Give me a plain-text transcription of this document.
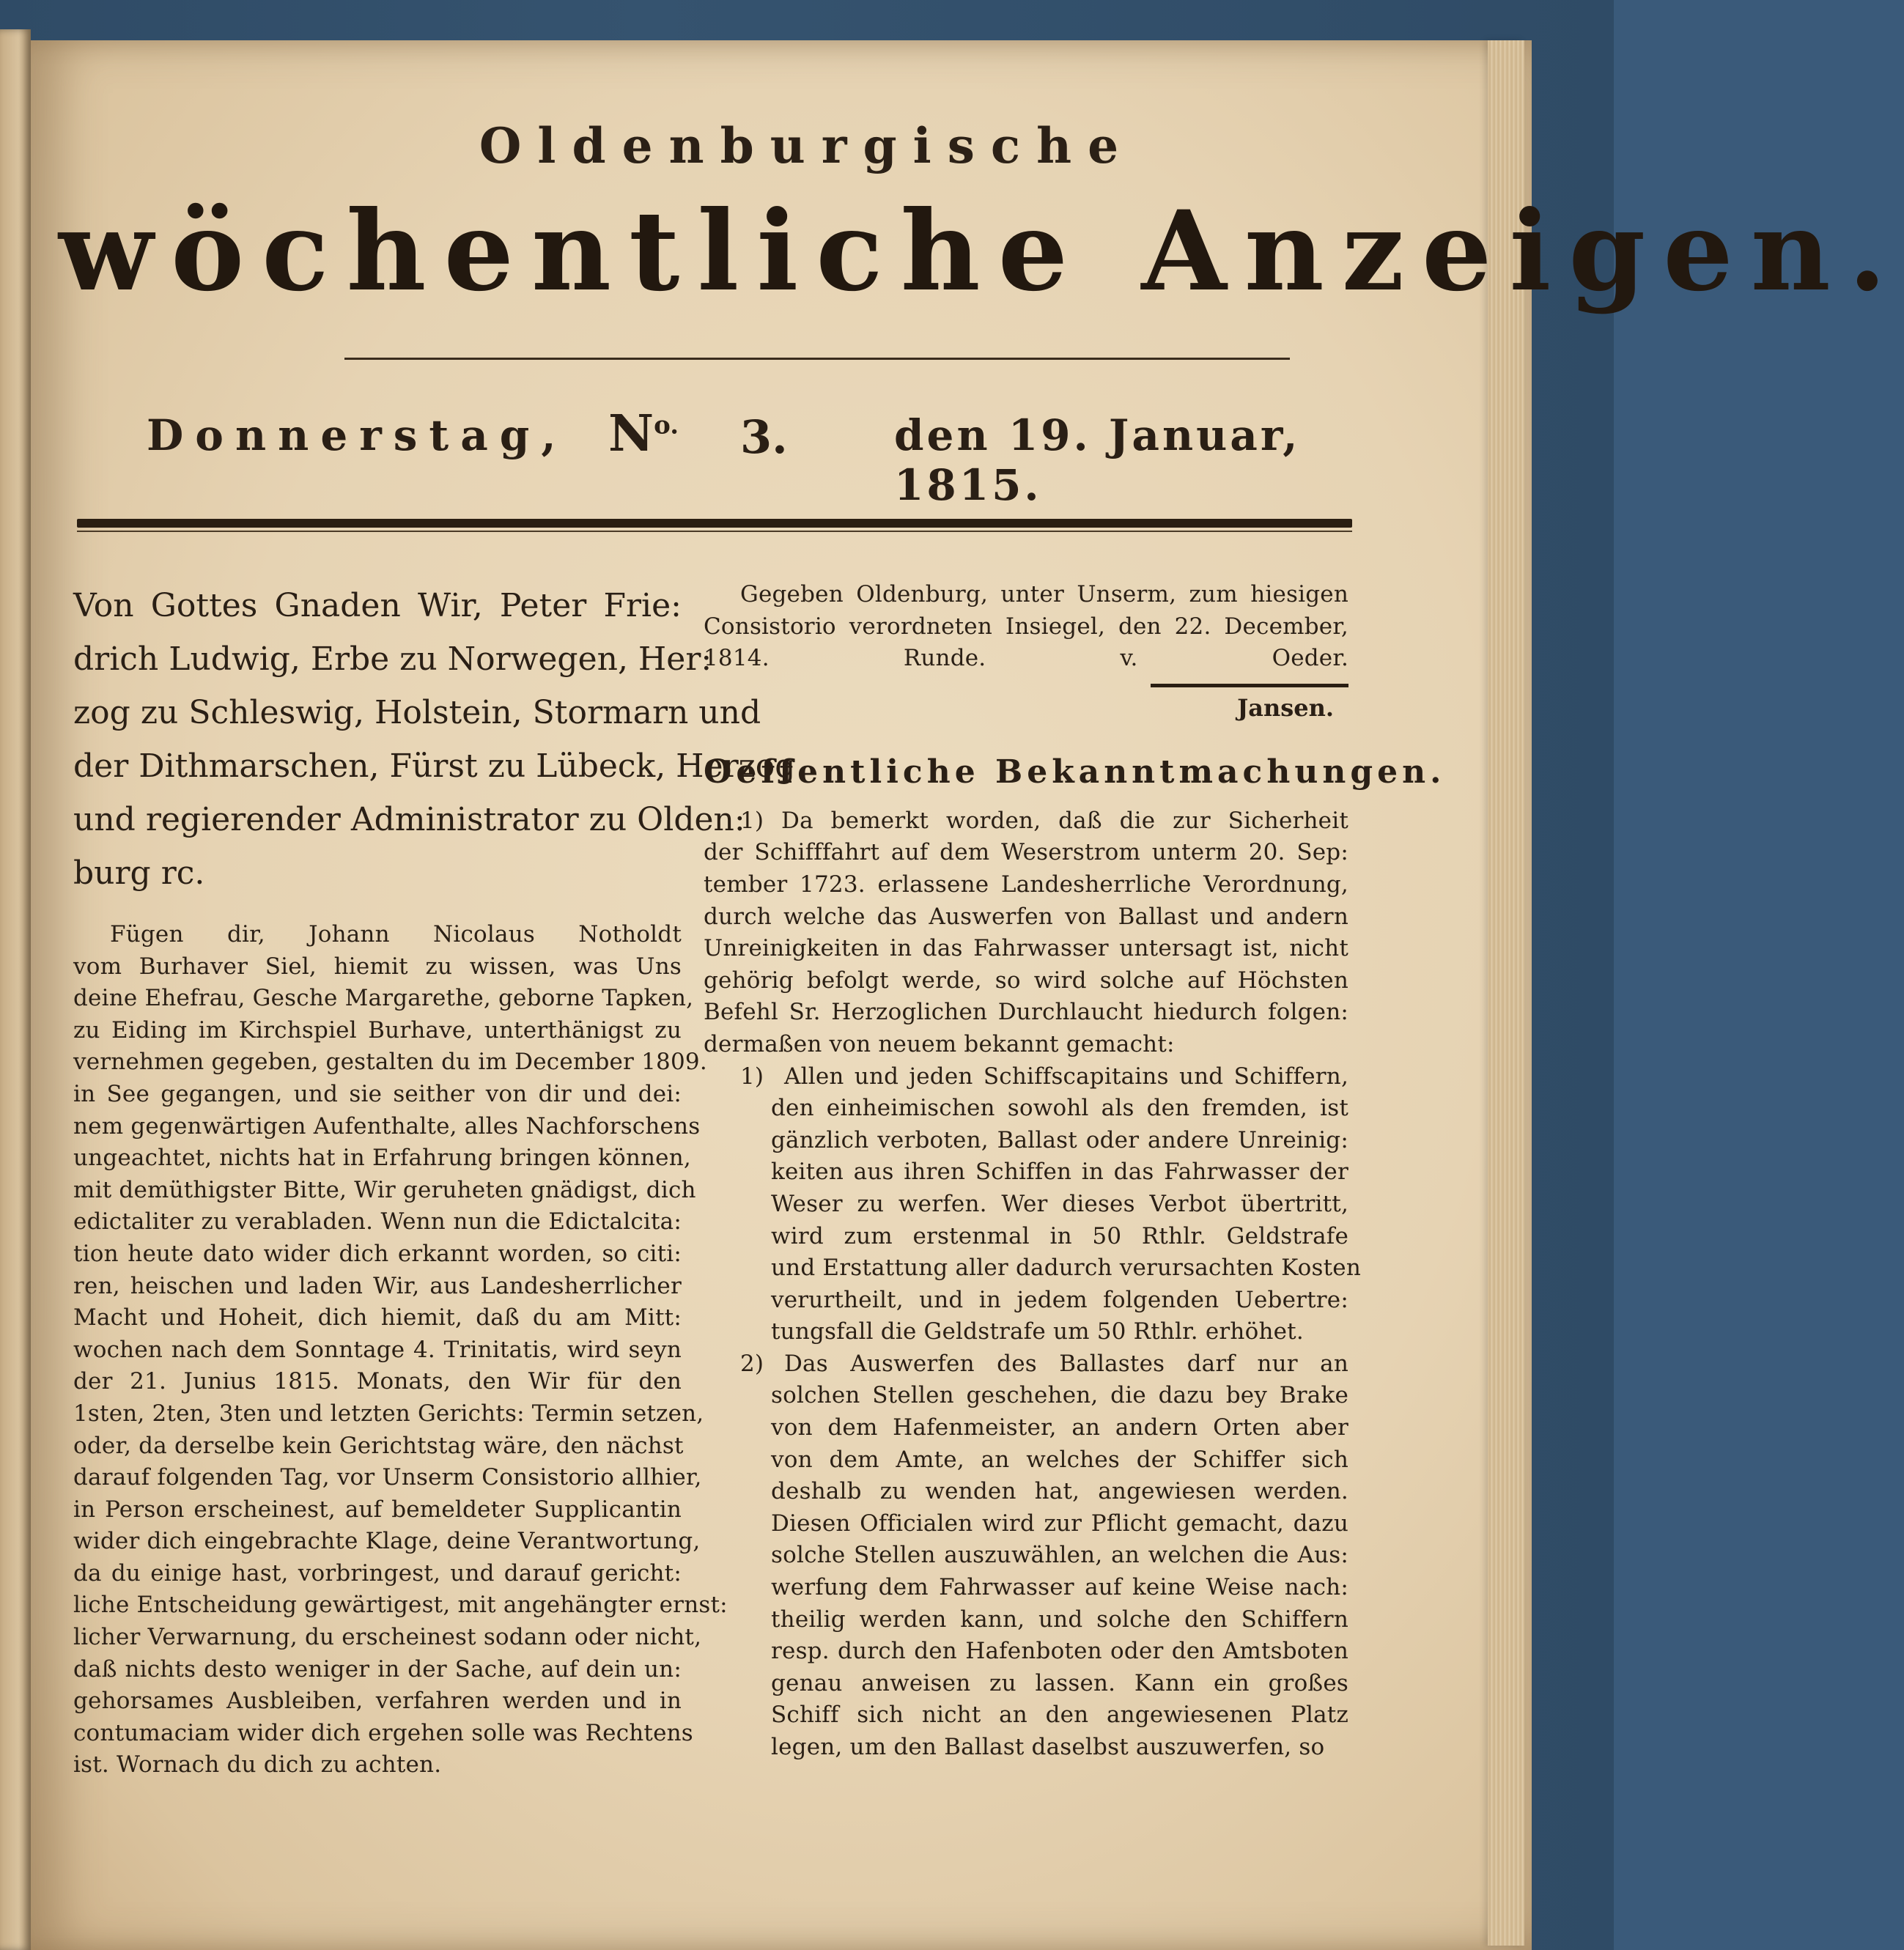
Oldenburgische
wöchentliche Anzeigen.
Donnerstag, $N^{o.}$ 3.	den 19. Januar, 1815.
Von Gottes Gnaden Wir, Peter Frie:
drich Ludwig, Erbe zu Norwegen, Her:
zog zu Schleswig, Holstein, Stormarn und
der Dithmarschen, Fürst zu Lübeck, Herzog
und regierender Administrator zu Olden:
burg rc.
Fügen dir, Johann Nicolaus Notholdt
vom Burhaver Siel, hiemit zu wissen, was Uns
deine Ehefrau, Gesche Margarethe, geborne Tapken,
zu Eiding im Kirchspiel Burhave, unterthänigst zu
vernehmen gegeben, gestalten du im December 1809.
in See gegangen, und sie seither von dir und dei:
nem gegenwärtigen Aufenthalte, alles Nachforschens
ungeachtet, nichts hat in Erfahrung bringen können,
mit demüthigster Bitte, Wir geruheten gnädigst, dich
edictaliter zu verabladen. Wenn nun die Edictalcita:
tion heute dato wider dich erkannt worden, so citi:
ren, heischen und laden Wir, aus Landesherrlicher
Macht und Hoheit, dich hiemit, daß du am Mitt:
wochen nach dem Sonntage 4. Trinitatis, wird seyn
der 21. Junius 1815. Monats, den Wir für den
1sten, 2ten, 3ten und letzten Gerichts: Termin setzen,
oder, da derselbe kein Gerichtstag wäre, den nächst
darauf folgenden Tag, vor Unserm Consistorio allhier,
in Person erscheinest, auf bemeldeter Supplicantin
wider dich eingebrachte Klage, deine Verantwortung,
da du einige hast, vorbringest, und darauf gericht:
liche Entscheidung gewärtigest, mit angehängter ernst:
licher Verwarnung, du erscheinest sodann oder nicht,
daß nichts desto weniger in der Sache, auf dein un:
gehorsames Ausbleiben, verfahren werden und in
contumaciam wider dich ergehen solle was Rechtens
ist. Wornach du dich zu achten.
Gegeben Oldenburg, unter Unserm, zum hiesigen
Consistorio verordneten Insiegel, den 22. December,
1814. Runde. v. Oeder.
Jansen.
Oeffentliche Bekanntmachungen.
1) Da bemerkt worden, daß die zur Sicherheit
der Schifffahrt auf dem Weserstrom unterm 20. Sep:
tember 1723. erlassene Landesherrliche Verordnung,
durch welche das Auswerfen von Ballast und andern
Unreinigkeiten in das Fahrwasser untersagt ist, nicht
gehörig befolgt werde, so wird solche auf Höchsten
Befehl Sr. Herzoglichen Durchlaucht hiedurch folgen:
dermaßen von neuem bekannt gemacht:
1) Allen und jeden Schiffscapitains und Schiffern,
den einheimischen sowohl als den fremden, ist
gänzlich verboten, Ballast oder andere Unreinig:
keiten aus ihren Schiffen in das Fahrwasser der
Weser zu werfen. Wer dieses Verbot übertritt,
wird zum erstenmal in 50 Rthlr. Geldstrafe
und Erstattung aller dadurch verursachten Kosten
verurtheilt, und in jedem folgenden Uebertre:
tungsfall die Geldstrafe um 50 Rthlr. erhöhet.
2) Das Auswerfen des Ballastes darf nur an
solchen Stellen geschehen, die dazu bey Brake
von dem Hafenmeister, an andern Orten aber
von dem Amte, an welches der Schiffer sich
deshalb zu wenden hat, angewiesen werden.
Diesen Officialen wird zur Pflicht gemacht, dazu
solche Stellen auszuwählen, an welchen die Aus:
werfung dem Fahrwasser auf keine Weise nach:
theilig werden kann, und solche den Schiffern
resp. durch den Hafenboten oder den Amtsboten
genau anweisen zu lassen. Kann ein großes
Schiff sich nicht an den angewiesenen Platz
legen, um den Ballast daselbst auszuwerfen, so
